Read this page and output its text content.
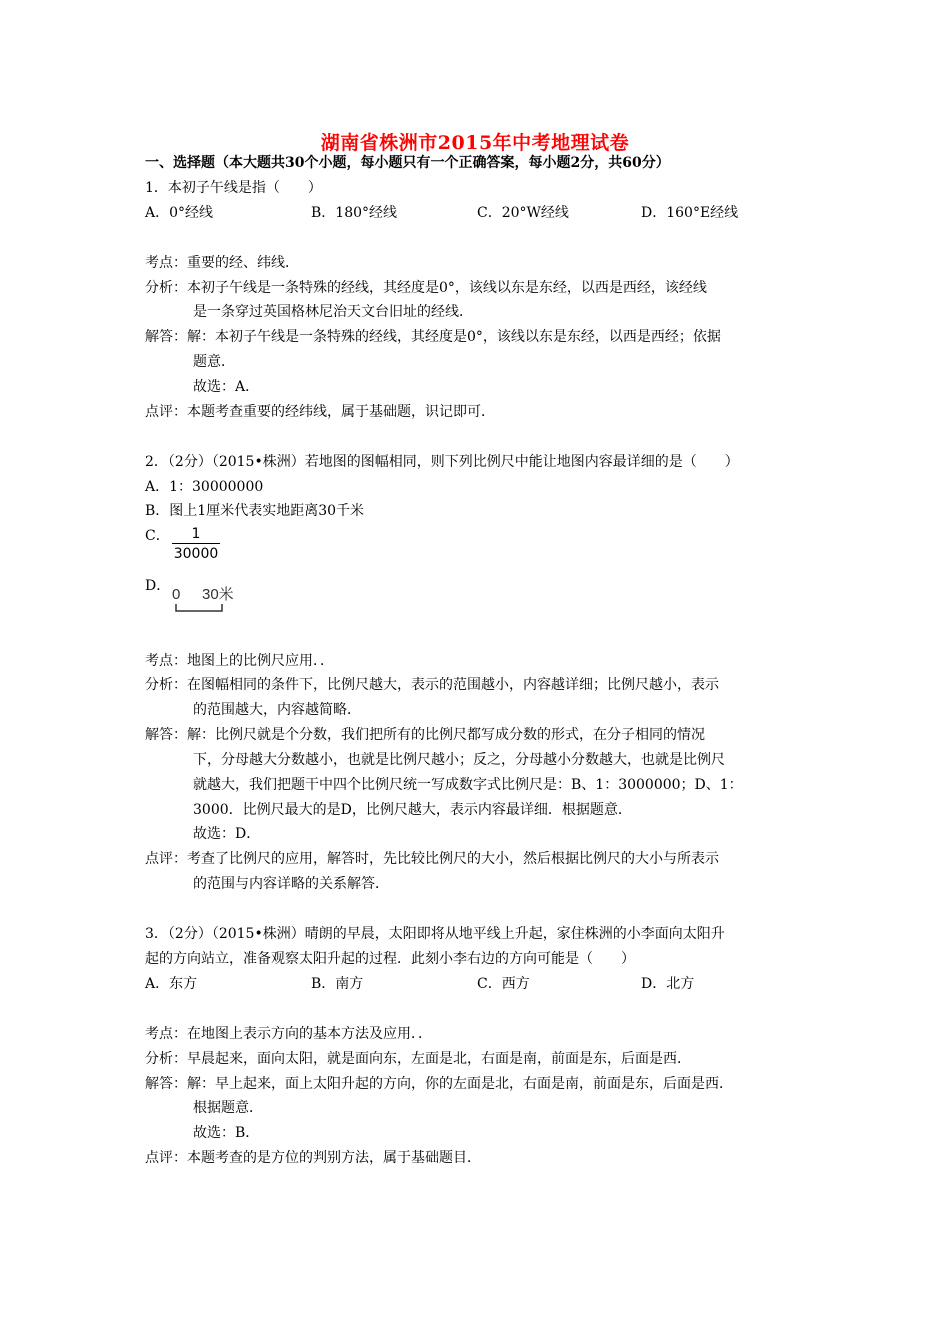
湖南省株洲市2015年中考地理试卷
一、选择题（本大题共30个小题，每小题只有一个正确答案，每小题2分，共60分）
1．本初子午线是指（　　）
A．0°经线	B．180°经线	C．20°W经线	D．160°E经线
考点：重要的经、纬线．
分析：本初子午线是一条特殊的经线，其经度是0°，该线以东是东经，以西是西经，该经线
是一条穿过英国格林尼治天文台旧址的经线．
解答：解：本初子午线是一条特殊的经线，其经度是0°，该线以东是东经，以西是西经；依据
题意．
故选：A．
点评：本题考查重要的经纬线，属于基础题，识记即可．
2．（2分）（2015•株洲）若地图的图幅相同，则下列比例尺中能让地图内容最详细的是（　　）
A．1：30000000
B．图上1厘米代表实地距离30千米
C．	1
30000
D． 0 30米
考点：地图上的比例尺应用．．
分析：在图幅相同的条件下，比例尺越大，表示的范围越小，内容越详细；比例尺越小，表示
的范围越大，内容越简略．
解答：解：比例尺就是个分数，我们把所有的比例尺都写成分数的形式，在分子相同的情况
下，分母越大分数越小，也就是比例尺越小；反之，分母越小分数越大，也就是比例尺
就越大，我们把题干中四个比例尺统一写成数字式比例尺是：B、1：3000000；D、1：
3000．比例尺最大的是D，比例尺越大，表示内容最详细．根据题意．
故选：D．
点评：考查了比例尺的应用，解答时，先比较比例尺的大小，然后根据比例尺的大小与所表示
的范围与内容详略的关系解答．
3．（2分）（2015•株洲）晴朗的早晨，太阳即将从地平线上升起，家住株洲的小李面向太阳升
起的方向站立，准备观察太阳升起的过程．此刻小李右边的方向可能是（　　）
A．东方	B．南方	C．西方	D．北方
考点：在地图上表示方向的基本方法及应用．．
分析：早晨起来，面向太阳，就是面向东，左面是北，右面是南，前面是东，后面是西．
解答：解：早上起来，面上太阳升起的方向，你的左面是北，右面是南，前面是东，后面是西．
根据题意．
故选：B．
点评：本题考查的是方位的判别方法，属于基础题目．
